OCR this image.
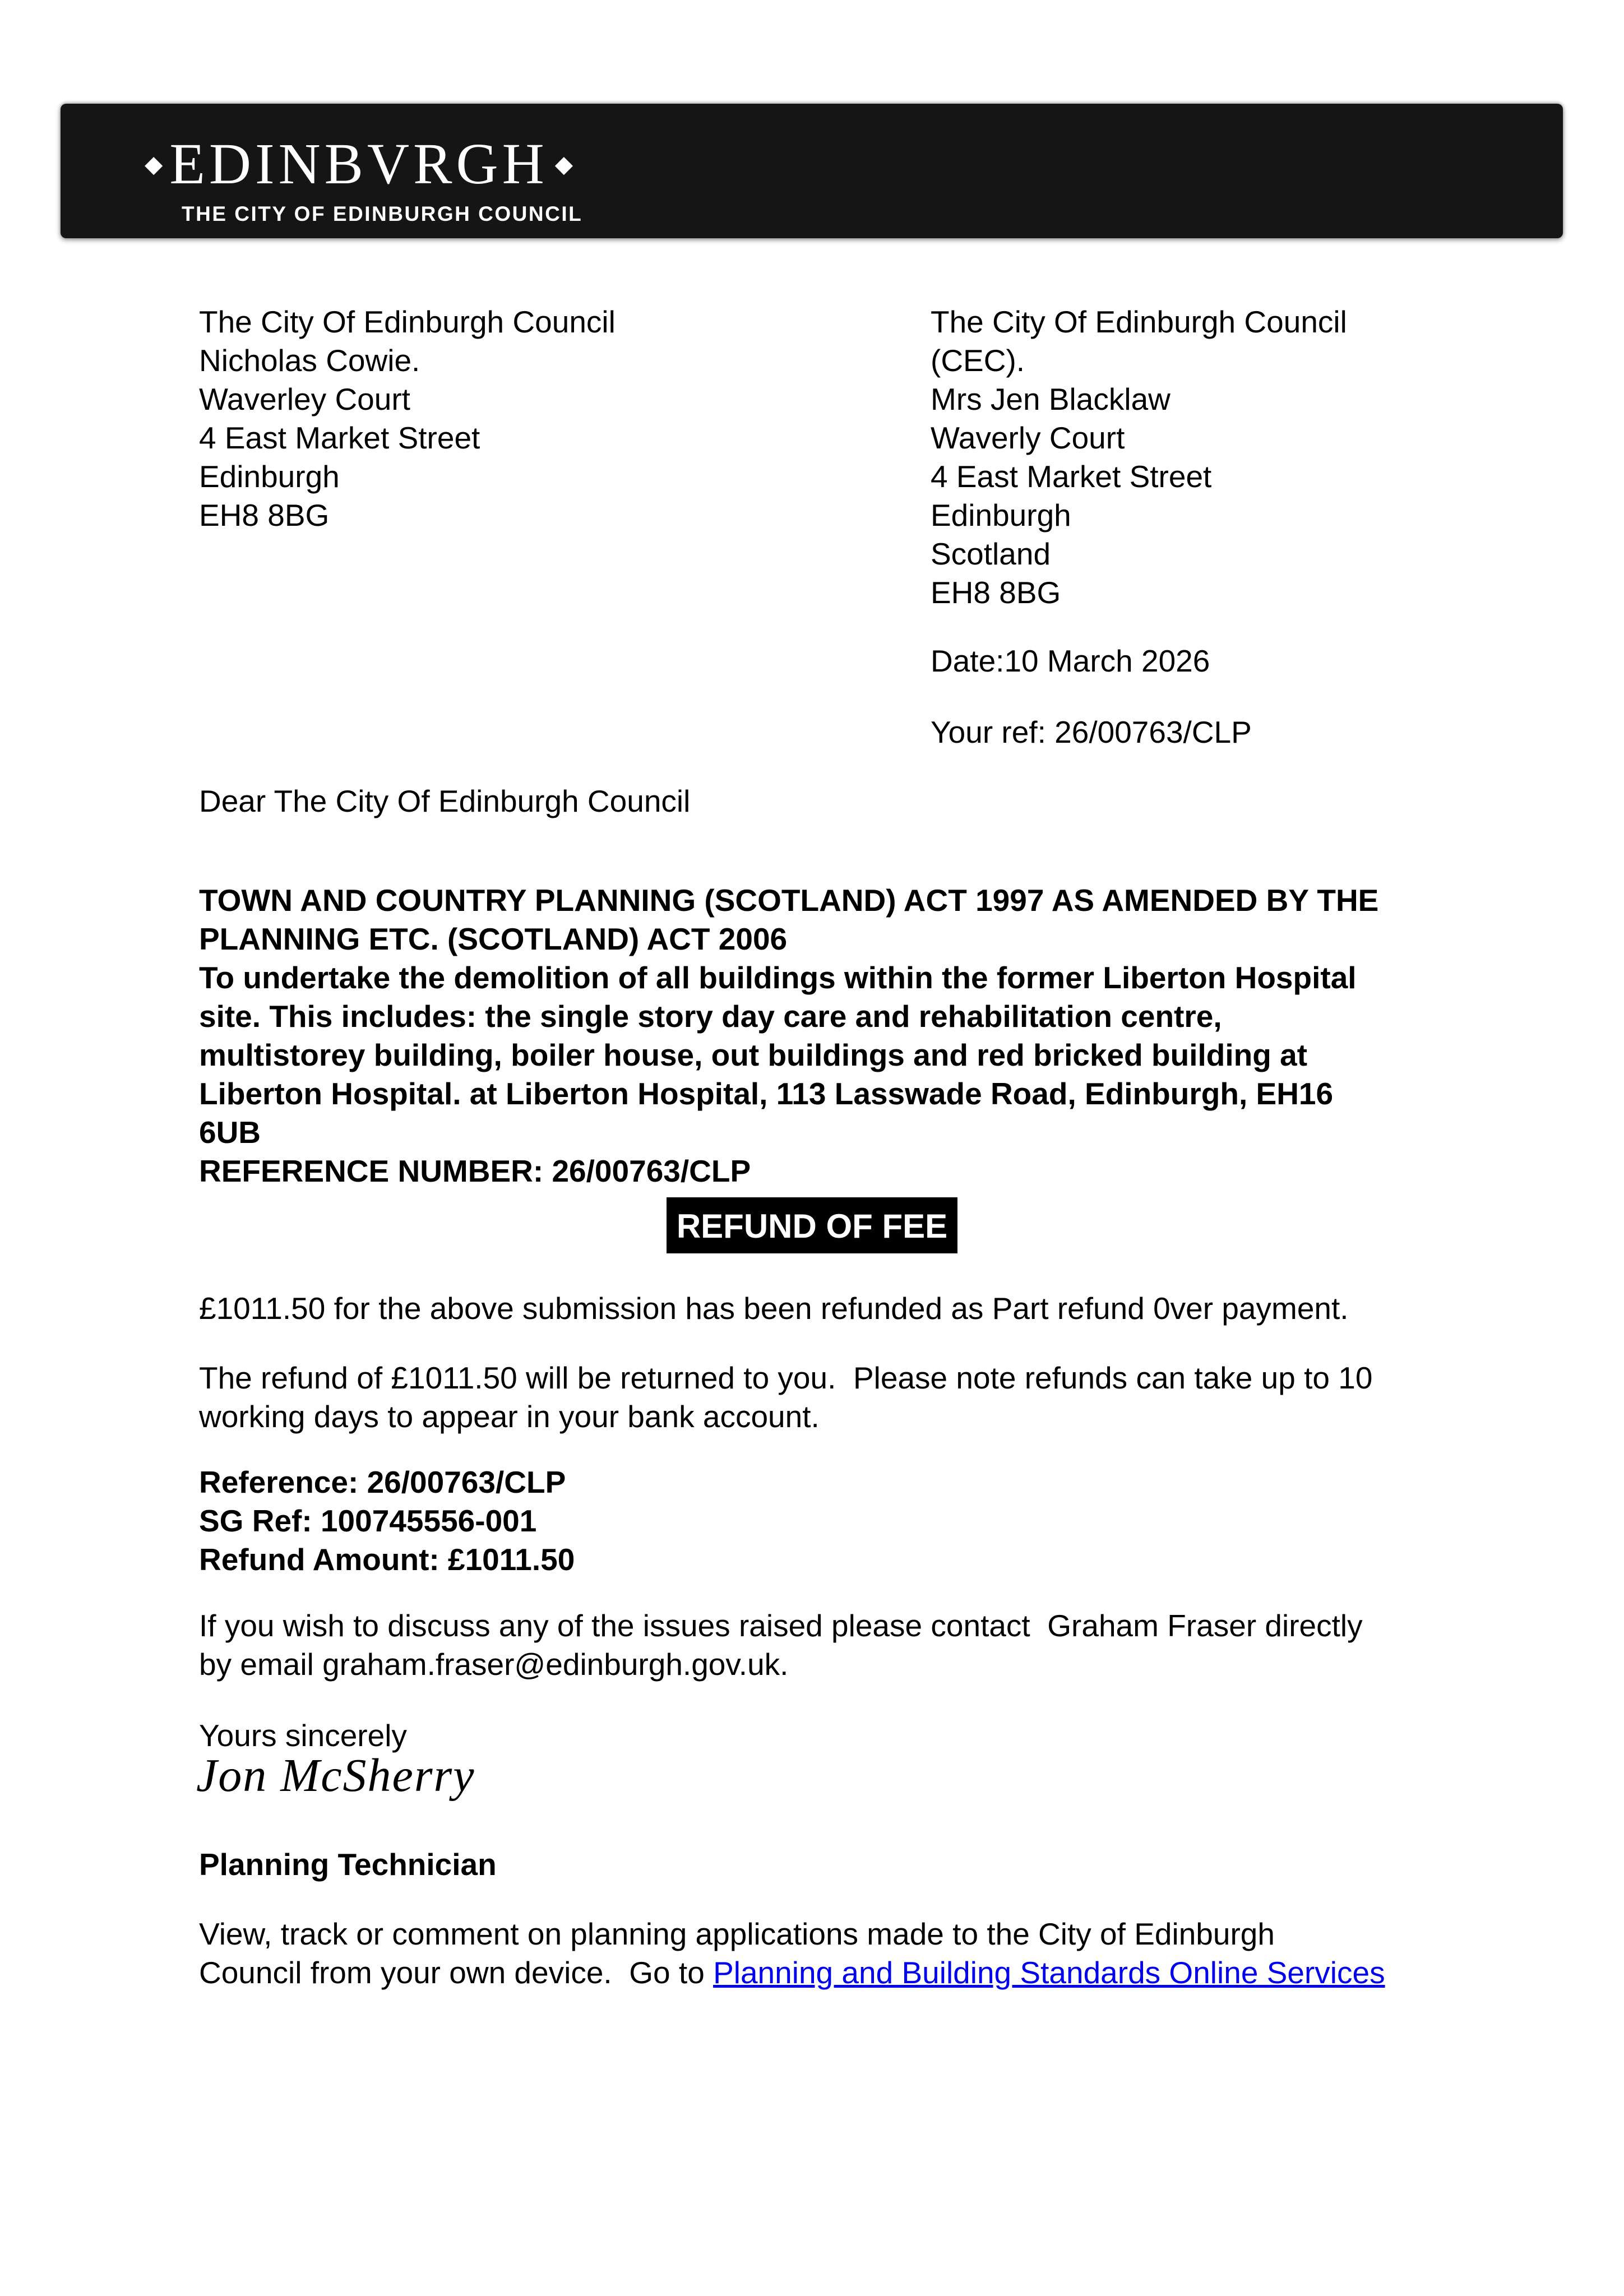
◆ EDINBVRGH ◆
THE CITY OF EDINBURGH COUNCIL
The City Of Edinburgh Council
Nicholas Cowie.
Waverley Court
4 East Market Street
Edinburgh
EH8 8BG
The City Of Edinburgh Council
(CEC).
Mrs Jen Blacklaw
Waverly Court
4 East Market Street
Edinburgh
Scotland
EH8 8BG
Date:10 March 2026
Your ref: 26/00763/CLP
Dear The City Of Edinburgh Council
TOWN AND COUNTRY PLANNING (SCOTLAND) ACT 1997 AS AMENDED BY THE
PLANNING ETC. (SCOTLAND) ACT 2006
To undertake the demolition of all buildings within the former Liberton Hospital
site. This includes: the single story day care and rehabilitation centre,
multistorey building, boiler house, out buildings and red bricked building at
Liberton Hospital. at Liberton Hospital, 113 Lasswade Road, Edinburgh, EH16
6UB
REFERENCE NUMBER: 26/00763/CLP
REFUND OF FEE
£1011.50 for the above submission has been refunded as Part refund 0ver payment.
The refund of £1011.50 will be returned to you.  Please note refunds can take up to 10
working days to appear in your bank account.
Reference: 26/00763/CLP
SG Ref: 100745556-001
Refund Amount: £1011.50
If you wish to discuss any of the issues raised please contact  Graham Fraser directly
by email graham.fraser@edinburgh.gov.uk.
Yours sincerely
Jon McSherry
Planning Technician
View, track or comment on planning applications made to the City of Edinburgh
Council from your own device.  Go to Planning and Building Standards Online Services
